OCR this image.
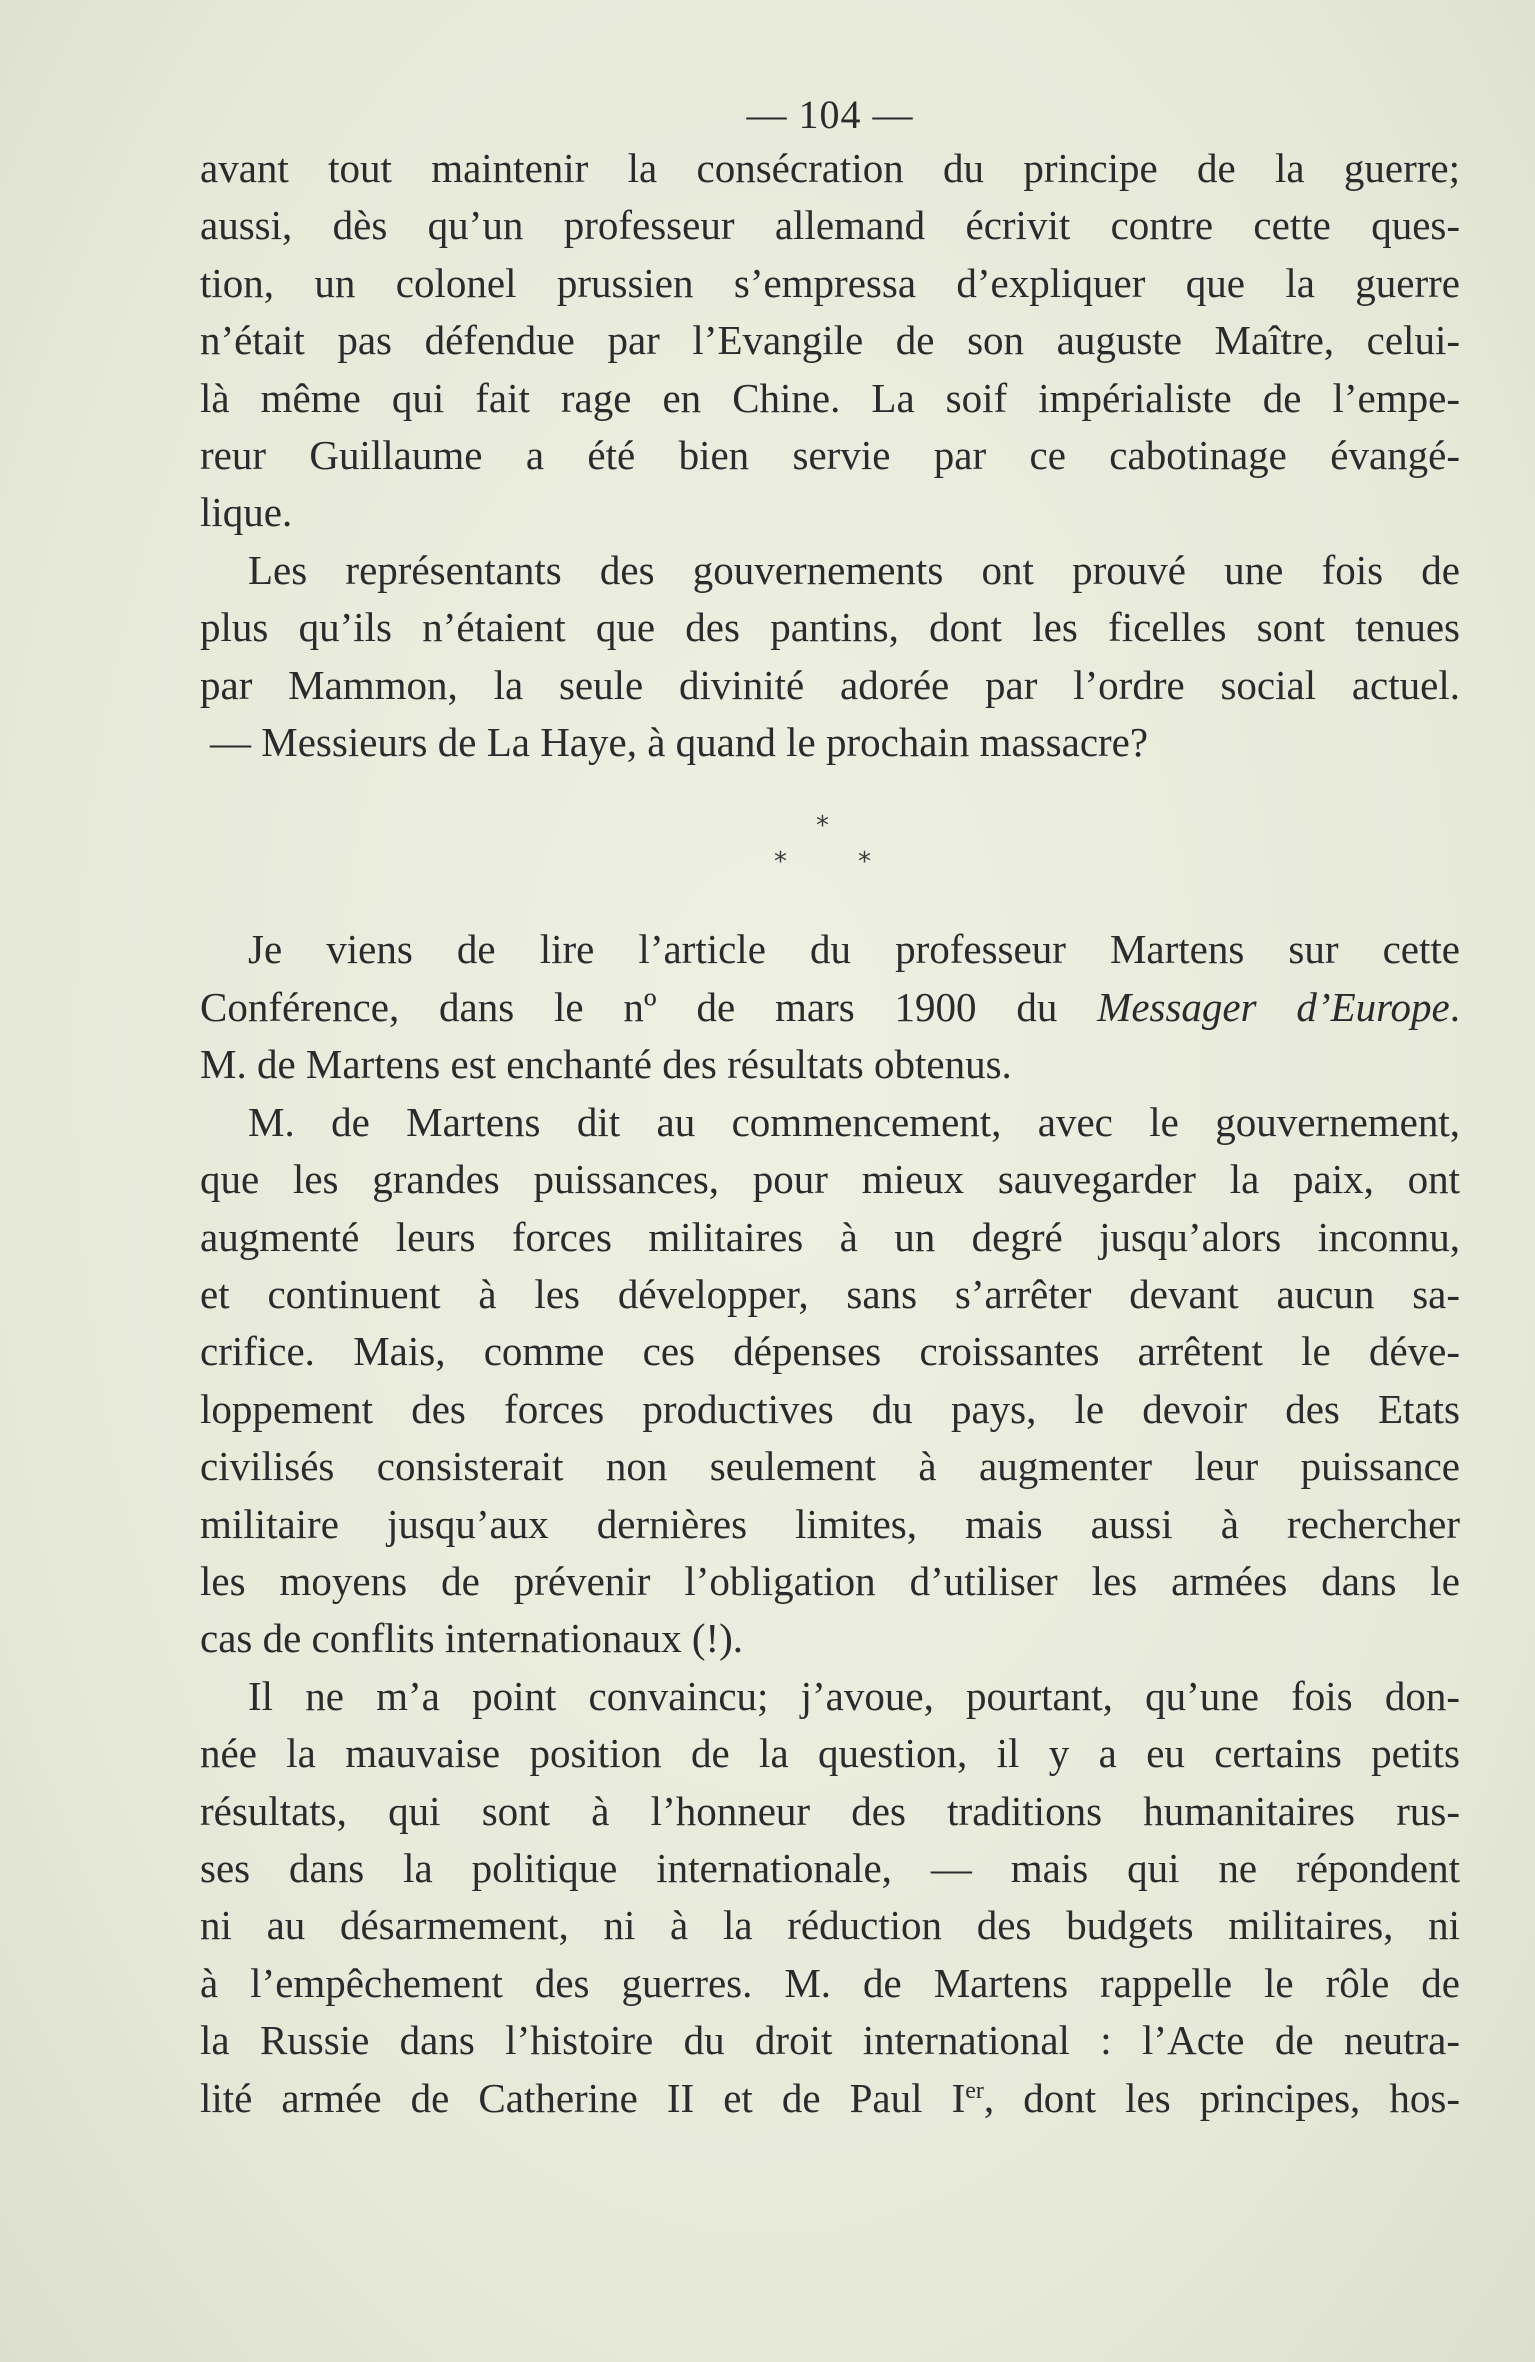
— 104 —

avant tout maintenir la consécration du principe de la guerre;
aussi, dès qu’un professeur allemand écrivit contre cette ques-
tion, un colonel prussien s’empressa d’expliquer que la guerre
n’était pas défendue par l’Evangile de son auguste Maître, celui-
là même qui fait rage en Chine. La soif impérialiste de l’empe-
reur Guillaume a été bien servie par ce cabotinage évangé-
lique.

Les représentants des gouvernements ont prouvé une fois de
plus qu’ils n’étaient que des pantins, dont les ficelles sont tenues
par Mammon, la seule divinité adorée par l’ordre social actuel.
— Messieurs de La Haye, à quand le prochain massacre?

*
*	*

Je viens de lire l’article du professeur Martens sur cette
Conférence, dans le nº de mars 1900 du Messager d’Europe.
M. de Martens est enchanté des résultats obtenus.

M. de Martens dit au commencement, avec le gouvernement,
que les grandes puissances, pour mieux sauvegarder la paix, ont
augmenté leurs forces militaires à un degré jusqu’alors inconnu,
et continuent à les développer, sans s’arrêter devant aucun sa-
crifice. Mais, comme ces dépenses croissantes arrêtent le déve-
loppement des forces productives du pays, le devoir des Etats
civilisés consisterait non seulement à augmenter leur puissance
militaire jusqu’aux dernières limites, mais aussi à rechercher
les moyens de prévenir l’obligation d’utiliser les armées dans le
cas de conflits internationaux (!).

Il ne m’a point convaincu; j’avoue, pourtant, qu’une fois don-
née la mauvaise position de la question, il y a eu certains petits
résultats, qui sont à l’honneur des traditions humanitaires rus-
ses dans la politique internationale, — mais qui ne répondent
ni au désarmement, ni à la réduction des budgets militaires, ni
à l’empêchement des guerres. M. de Martens rappelle le rôle de
la Russie dans l’histoire du droit international : l’Acte de neutra-
lité armée de Catherine II et de Paul Ier, dont les principes, hos-
